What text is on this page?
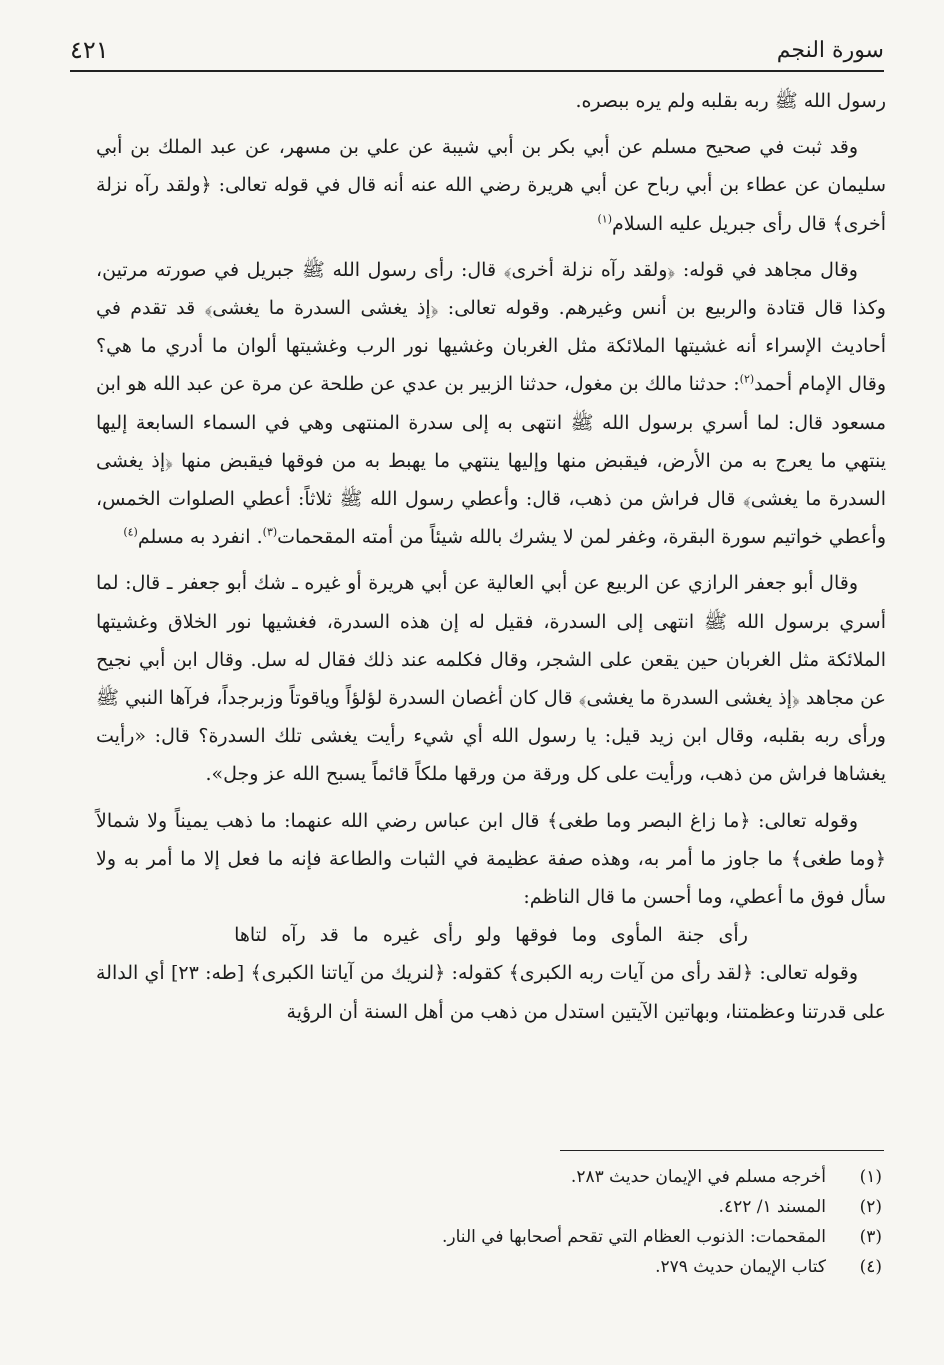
سورة النجم
٤٢١

رسول الله ﷺ ربه بقلبه ولم يره ببصره.

وقد ثبت في صحيح مسلم عن أبي بكر بن أبي شيبة عن علي بن مسهر، عن عبد الملك بن أبي سليمان عن عطاء بن أبي رباح عن أبي هريرة رضي الله عنه أنه قال في قوله تعالى: ﴿ولقد رآه نزلة أخرى﴾ قال رأى جبريل عليه السلام$^{(١)}$

وقال مجاهد في قوله: ﴿ولقد رآه نزلة أخرى﴾ قال: رأى رسول الله ﷺ جبريل في صورته مرتين، وكذا قال قتادة والربيع بن أنس وغيرهم. وقوله تعالى: ﴿إذ يغشى السدرة ما يغشى﴾ قد تقدم في أحاديث الإسراء أنه غشيتها الملائكة مثل الغربان وغشيها نور الرب وغشيتها ألوان ما أدري ما هي؟ وقال الإمام أحمد$^{(٢)}$: حدثنا مالك بن مغول، حدثنا الزبير بن عدي عن طلحة عن مرة عن عبد الله هو ابن مسعود قال: لما أسري برسول الله ﷺ انتهى به إلى سدرة المنتهى وهي في السماء السابعة إليها ينتهي ما يعرج به من الأرض، فيقبض منها وإليها ينتهي ما يهبط به من فوقها فيقبض منها ﴿إذ يغشى السدرة ما يغشى﴾ قال فراش من ذهب، قال: وأعطي رسول الله ﷺ ثلاثاً: أعطي الصلوات الخمس، وأعطي خواتيم سورة البقرة، وغفر لمن لا يشرك بالله شيئاً من أمته المقحمات$^{(٣)}$. انفرد به مسلم$^{(٤)}$

وقال أبو جعفر الرازي عن الربيع عن أبي العالية عن أبي هريرة أو غيره ـ شك أبو جعفر ـ قال: لما أسري برسول الله ﷺ انتهى إلى السدرة، فقيل له إن هذه السدرة، فغشيها نور الخلاق وغشيتها الملائكة مثل الغربان حين يقعن على الشجر، وقال فكلمه عند ذلك فقال له سل. وقال ابن أبي نجيح عن مجاهد ﴿إذ يغشى السدرة ما يغشى﴾ قال كان أغصان السدرة لؤلؤاً وياقوتاً وزبرجداً، فرآها النبي ﷺ ورأى ربه بقلبه، وقال ابن زيد قيل: يا رسول الله أي شيء رأيت يغشى تلك السدرة؟ قال: «رأيت يغشاها فراش من ذهب، ورأيت على كل ورقة من ورقها ملكاً قائماً يسبح الله عز وجل».

وقوله تعالى: ﴿ما زاغ البصر وما طغى﴾ قال ابن عباس رضي الله عنهما: ما ذهب يميناً ولا شمالاً ﴿وما طغى﴾ ما جاوز ما أمر به، وهذه صفة عظيمة في الثبات والطاعة فإنه ما فعل إلا ما أمر به ولا سأل فوق ما أعطي، وما أحسن ما قال الناظم:

رأى جنة المأوى وما فوقها ولو رأى غيره ما قد رآه لتاها

وقوله تعالى: ﴿لقد رأى من آيات ربه الكبرى﴾ كقوله: ﴿لنريك من آياتنا الكبرى﴾ [طه: ٢٣] أي الدالة على قدرتنا وعظمتنا، وبهاتين الآيتين استدل من ذهب من أهل السنة أن الرؤية

(١)
أخرجه مسلم في الإيمان حديث ٢٨٣.
(٢)
المسند ١/ ٤٢٢.
(٣)
المقحمات: الذنوب العظام التي تقحم أصحابها في النار.
(٤)
كتاب الإيمان حديث ٢٧٩.
